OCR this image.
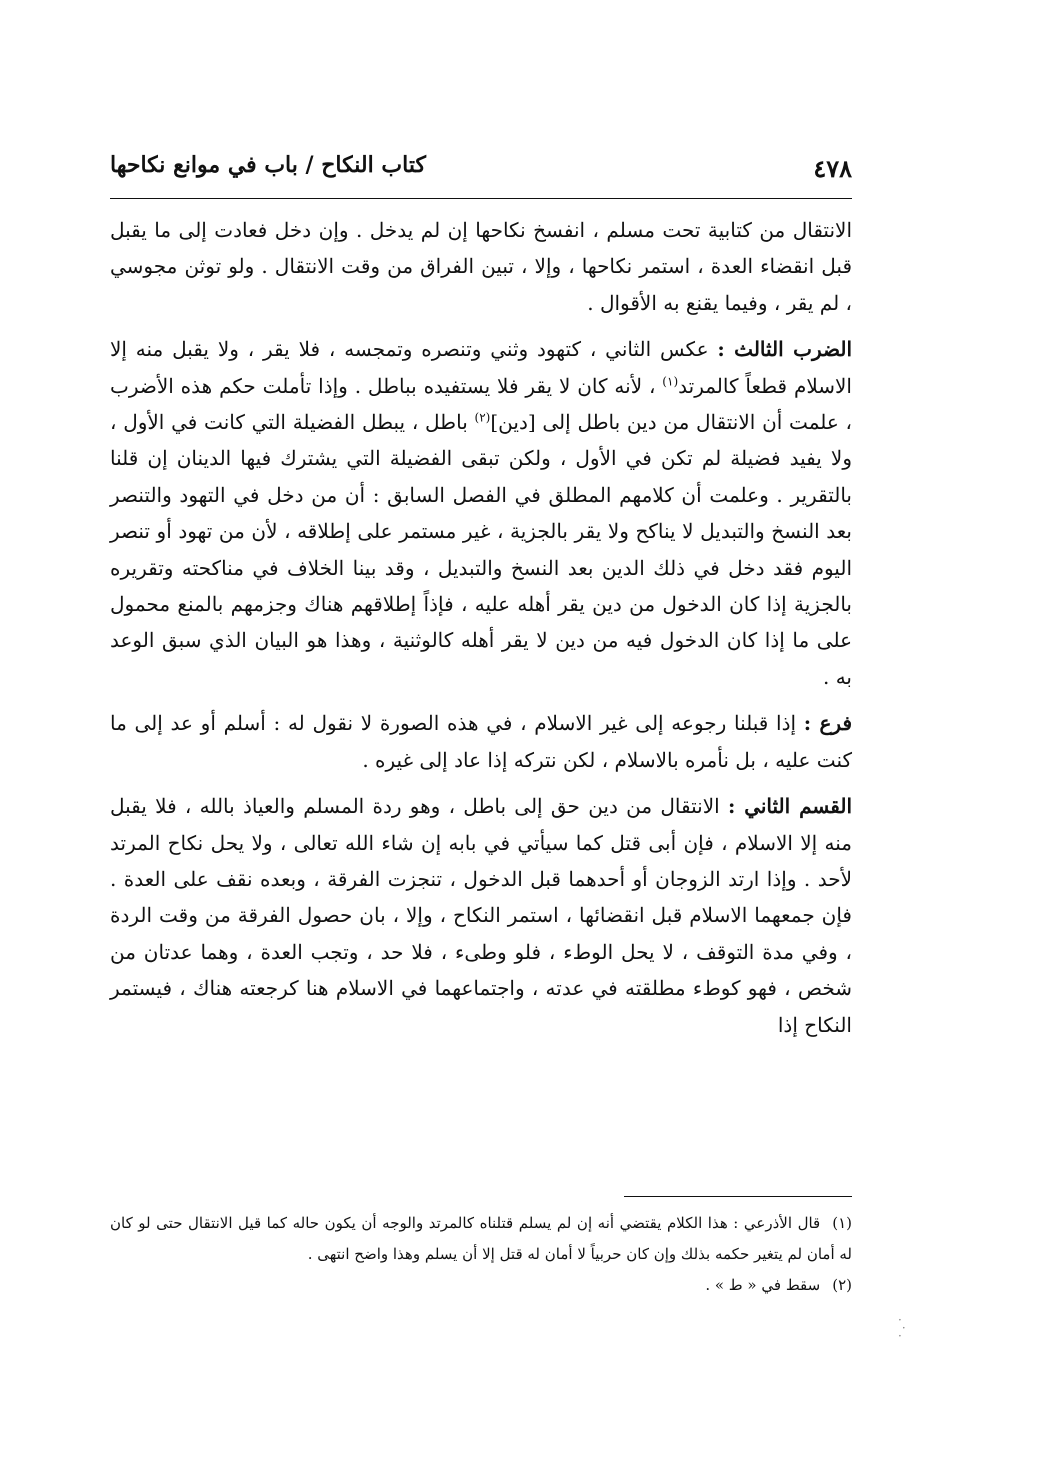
٤٧٨
كتاب النكاح / باب في موانع نكاحها

الانتقال من كتابية تحت مسلم ، انفسخ نكاحها إن لم يدخل . وإن دخل فعادت إلى ما يقبل قبل انقضاء العدة ، استمر نكاحها ، وإلا ، تبين الفراق من وقت الانتقال . ولو توثن مجوسي ، لم يقر ، وفيما يقنع به الأقوال .

الضرب الثالث : عكس الثاني ، كتهود وثني وتنصره وتمجسه ، فلا يقر ، ولا يقبل منه إلا الاسلام قطعاً كالمرتد$^{(١)}$ ، لأنه كان لا يقر فلا يستفيده بباطل . وإذا تأملت حكم هذه الأضرب ، علمت أن الانتقال من دين باطل إلى [دين]$^{(٢)}$ باطل ، يبطل الفضيلة التي كانت في الأول ، ولا يفيد فضيلة لم تكن في الأول ، ولكن تبقى الفضيلة التي يشترك فيها الدينان إن قلنا بالتقرير . وعلمت أن كلامهم المطلق في الفصل السابق : أن من دخل في التهود والتنصر بعد النسخ والتبديل لا يناكح ولا يقر بالجزية ، غير مستمر على إطلاقه ، لأن من تهود أو تنصر اليوم فقد دخل في ذلك الدين بعد النسخ والتبديل ، وقد بينا الخلاف في مناكحته وتقريره بالجزية إذا كان الدخول من دين يقر أهله عليه ، فإذاً إطلاقهم هناك وجزمهم بالمنع محمول على ما إذا كان الدخول فيه من دين لا يقر أهله كالوثنية ، وهذا هو البيان الذي سبق الوعد به .

فرع : إذا قبلنا رجوعه إلى غير الاسلام ، في هذه الصورة لا نقول له : أسلم أو عد إلى ما كنت عليه ، بل نأمره بالاسلام ، لكن نتركه إذا عاد إلى غيره .

القسم الثاني : الانتقال من دين حق إلى باطل ، وهو ردة المسلم والعياذ بالله ، فلا يقبل منه إلا الاسلام ، فإن أبى قتل كما سيأتي في بابه إن شاء الله تعالى ، ولا يحل نكاح المرتد لأحد . وإذا ارتد الزوجان أو أحدهما قبل الدخول ، تنجزت الفرقة ، وبعده نقف على العدة . فإن جمعهما الاسلام قبل انقضائها ، استمر النكاح ، وإلا ، بان حصول الفرقة من وقت الردة ، وفي مدة التوقف ، لا يحل الوطء ، فلو وطىء ، فلا حد ، وتجب العدة ، وهما عدتان من شخص ، فهو كوطء مطلقته في عدته ، واجتماعهما في الاسلام هنا كرجعته هناك ، فيستمر النكاح إذا

(١)قال الأذرعي : هذا الكلام يقتضي أنه إن لم يسلم قتلناه كالمرتد والوجه أن يكون حاله كما قيل الانتقال حتى لو كان له أمان لم يتغير حكمه بذلك وإن كان حربياً لا أمان له قتل إلا أن يسلم وهذا واضح انتهى .

(٢)سقط في « ط » .

·
·
·
